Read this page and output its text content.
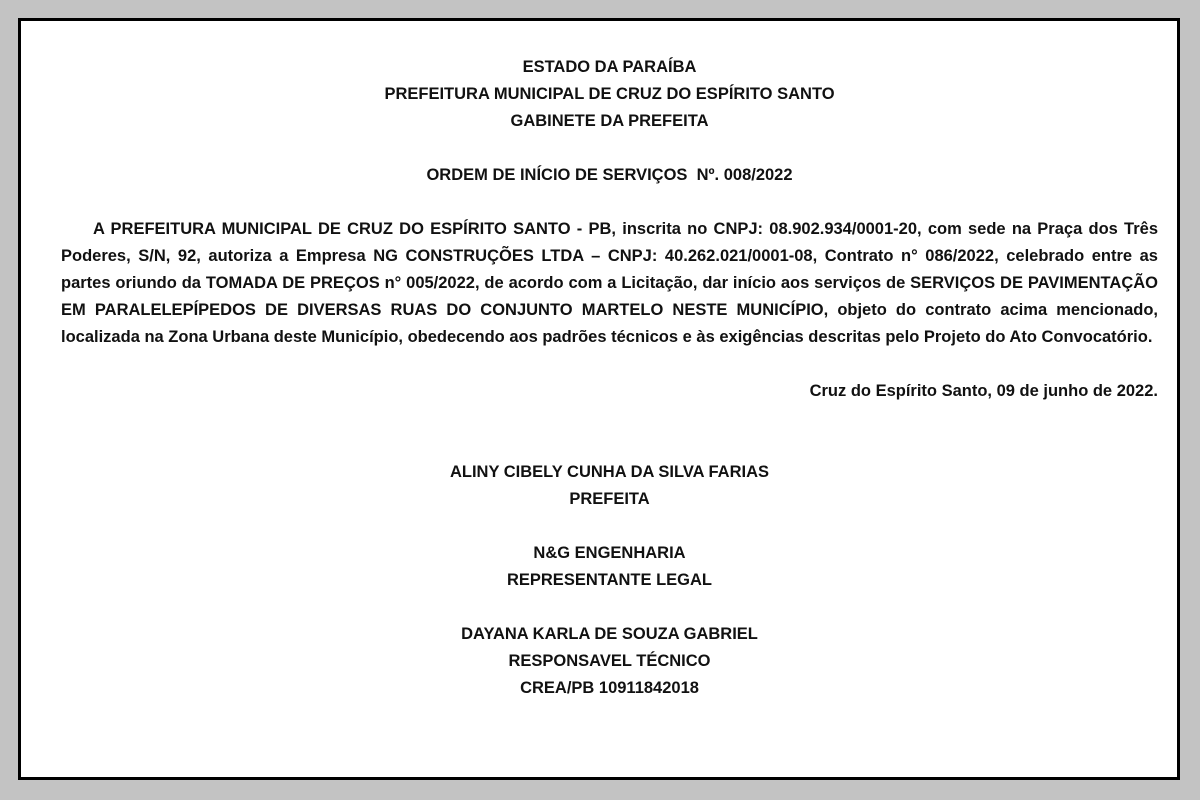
ESTADO DA PARAÍBA
PREFEITURA MUNICIPAL DE CRUZ DO ESPÍRITO SANTO
GABINETE DA PREFEITA
ORDEM DE INÍCIO DE SERVIÇOS  Nº. 008/2022
A PREFEITURA MUNICIPAL DE CRUZ DO ESPÍRITO SANTO - PB, inscrita no CNPJ: 08.902.934/0001-20, com sede na Praça dos Três Poderes, S/N, 92, autoriza a Empresa NG CONSTRUÇÕES LTDA – CNPJ: 40.262.021/0001-08, Contrato n° 086/2022, celebrado entre as partes oriundo da TOMADA DE PREÇOS n° 005/2022, de acordo com a Licitação, dar início aos serviços de SERVIÇOS DE PAVIMENTAÇÃO EM PARALELEPÍPEDOS DE DIVERSAS RUAS DO CONJUNTO MARTELO NESTE MUNICÍPIO, objeto do contrato acima mencionado, localizada na Zona Urbana deste Município, obedecendo aos padrões técnicos e às exigências descritas pelo Projeto do Ato Convocatório.
Cruz do Espírito Santo, 09 de junho de 2022.
ALINY CIBELY CUNHA DA SILVA FARIAS
PREFEITA
N&G ENGENHARIA
REPRESENTANTE LEGAL
DAYANA KARLA DE SOUZA GABRIEL
RESPONSAVEL TÉCNICO
CREA/PB 10911842018
